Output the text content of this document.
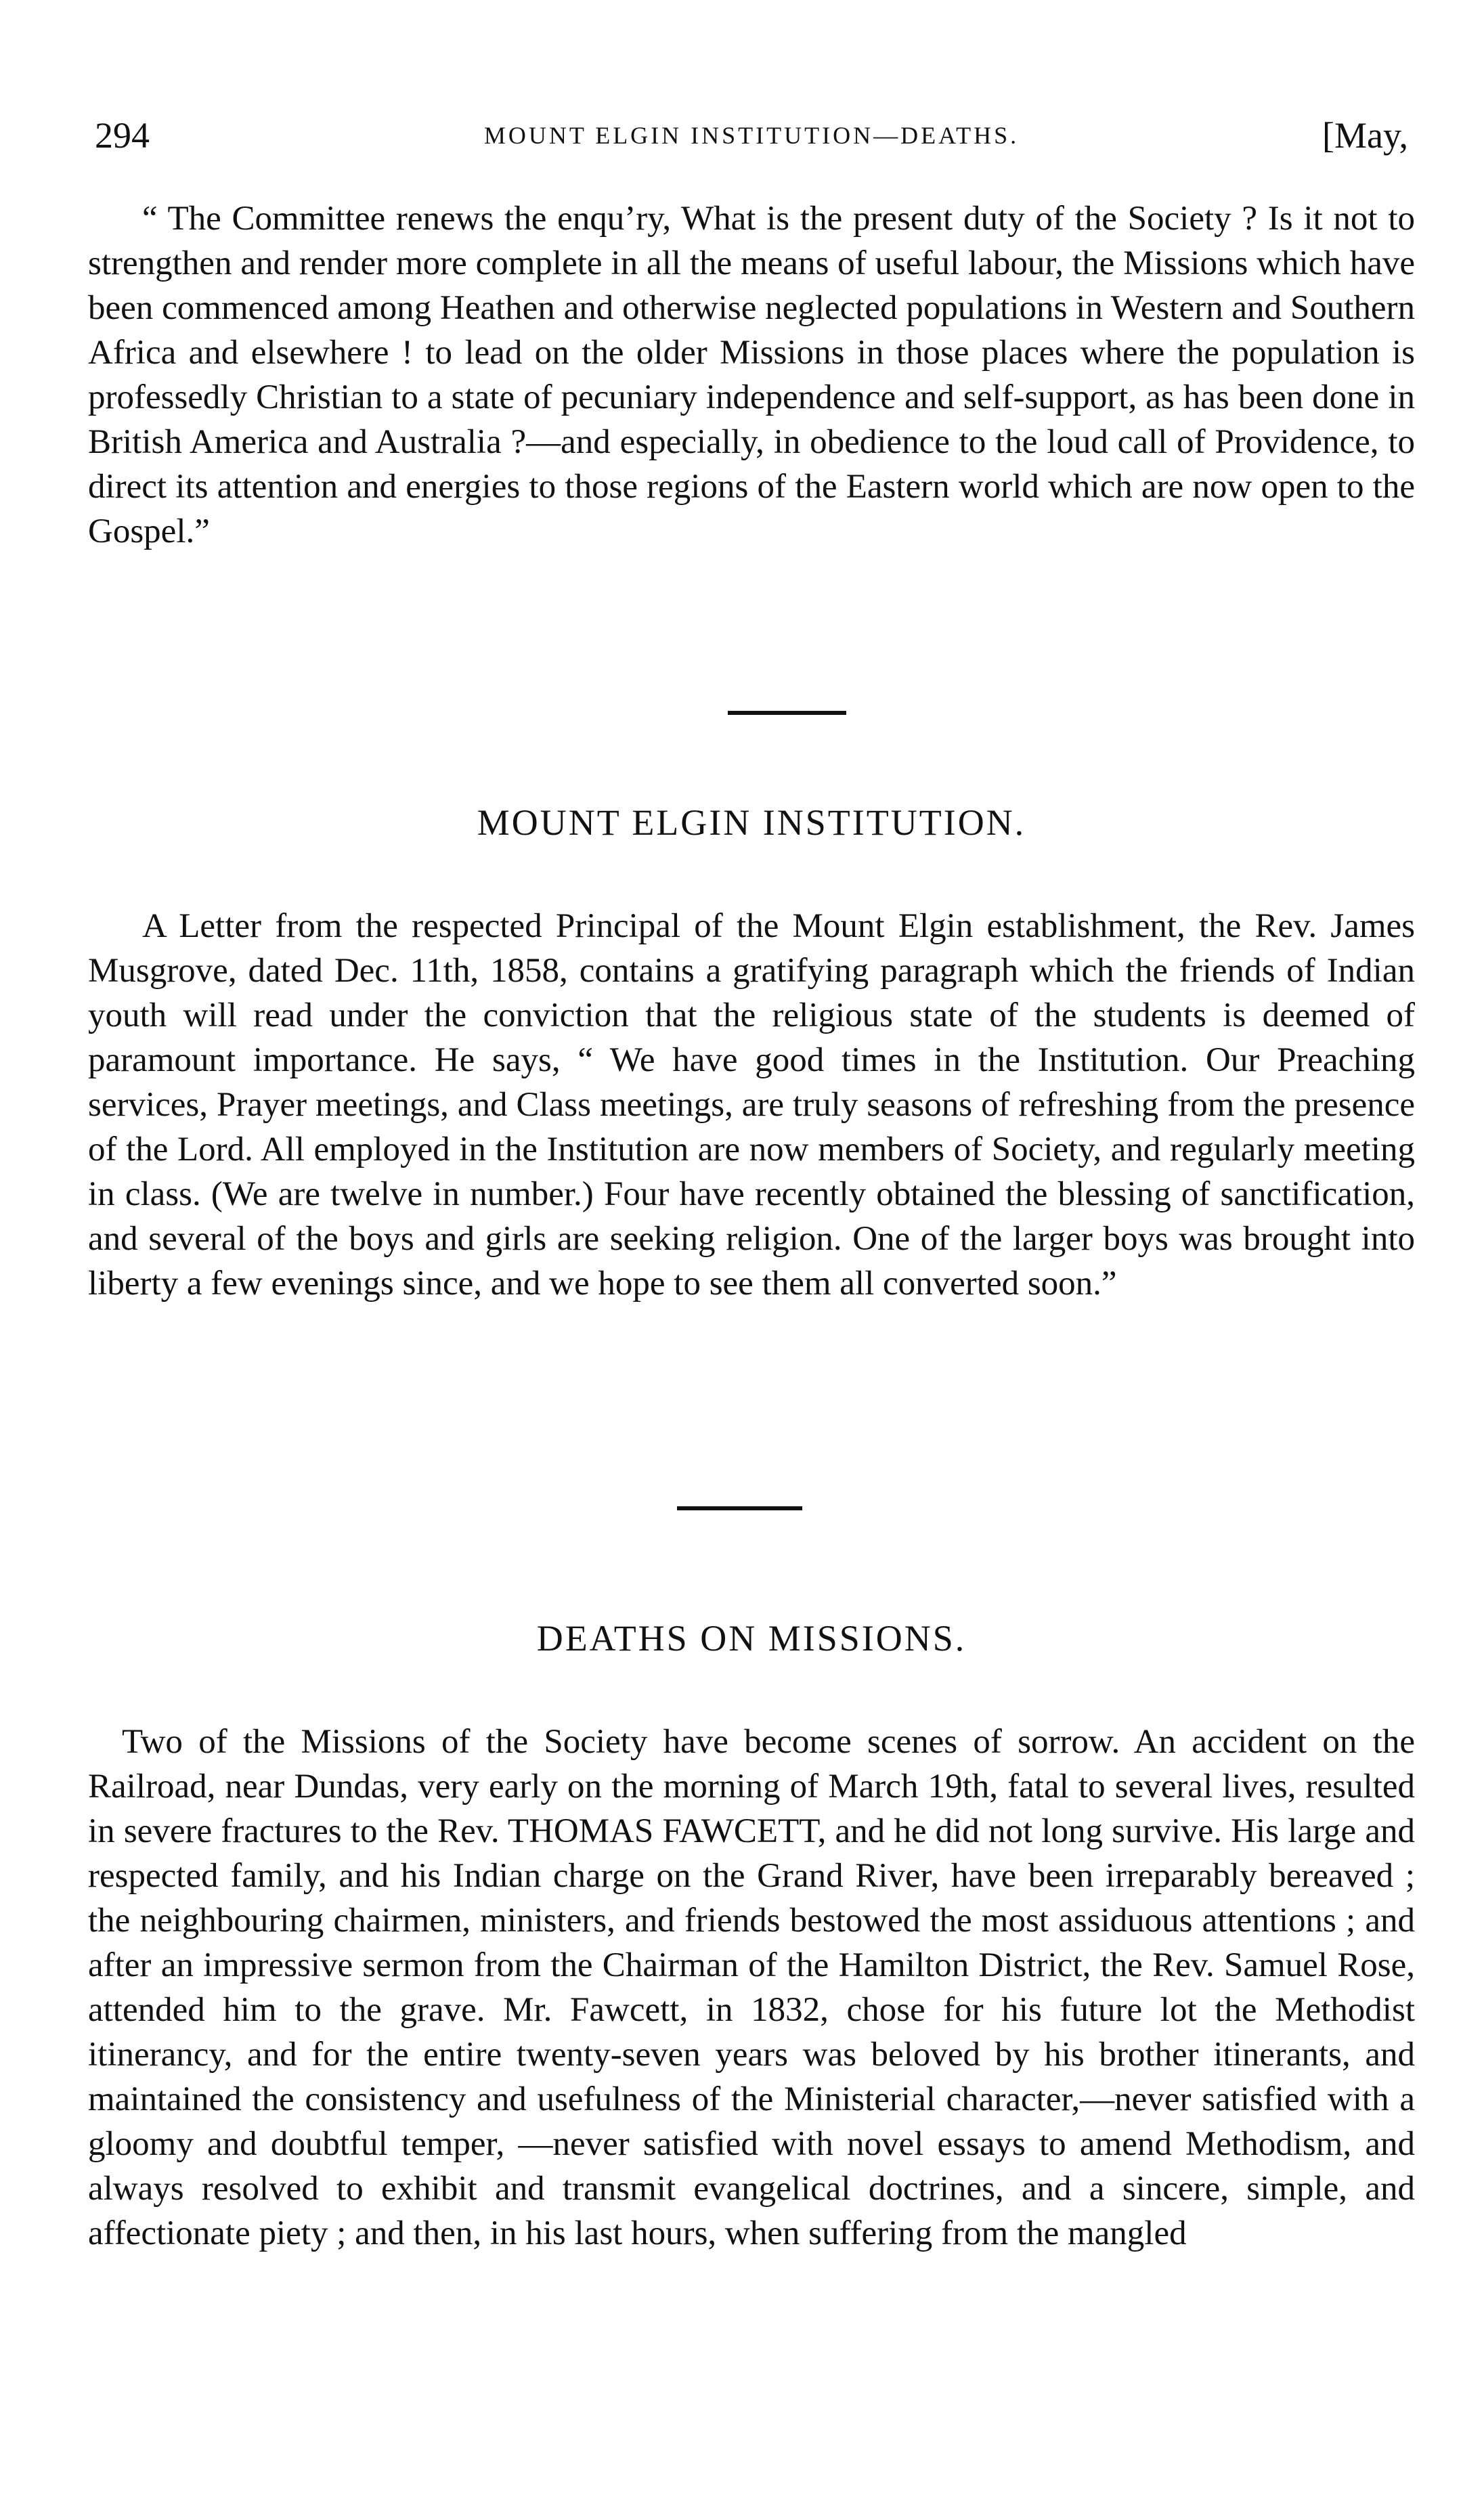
294	MOUNT ELGIN INSTITUTION—DEATHS.	[May,

“ The Committee renews the enqu’ry, What is the present duty of the Society ? Is it not to strengthen and render more complete in all the means of useful labour, the Missions which have been commenced among Heathen and otherwise neglected populations in Western and Southern Africa and elsewhere ! to lead on the older Missions in those places where the population is professedly Christian to a state of pecuniary independence and self-support, as has been done in British America and Australia ?—and especially, in obedience to the loud call of Providence, to direct its attention and energies to those regions of the Eastern world which are now open to the Gospel.”

MOUNT ELGIN INSTITUTION.

A Letter from the respected Principal of the Mount Elgin establishment, the Rev. James Musgrove, dated Dec. 11th, 1858, contains a gratifying paragraph which the friends of Indian youth will read under the conviction that the religious state of the students is deemed of paramount importance. He says, “ We have good times in the Institution. Our Preaching services, Prayer meetings, and Class meetings, are truly seasons of refreshing from the presence of the Lord. All employed in the Institution are now members of Society, and regularly meeting in class. (We are twelve in number.) Four have recently obtained the blessing of sanctification, and several of the boys and girls are seeking religion. One of the larger boys was brought into liberty a few evenings since, and we hope to see them all converted soon.”

DEATHS ON MISSIONS.

Two of the Missions of the Society have become scenes of sorrow. An accident on the Railroad, near Dundas, very early on the morning of March 19th, fatal to several lives, resulted in severe fractures to the Rev. THOMAS FAWCETT, and he did not long survive. His large and respected family, and his Indian charge on the Grand River, have been irreparably bereaved ; the neighbouring chairmen, ministers, and friends bestowed the most assiduous attentions ; and after an impressive sermon from the Chairman of the Hamilton District, the Rev. Samuel Rose, attended him to the grave. Mr. Fawcett, in 1832, chose for his future lot the Methodist itinerancy, and for the entire twenty-seven years was beloved by his brother itinerants, and maintained the consistency and usefulness of the Ministerial character,—never satisfied with a gloomy and doubtful temper, —never satisfied with novel essays to amend Methodism, and always resolved to exhibit and transmit evangelical doctrines, and a sincere, simple, and affectionate piety ; and then, in his last hours, when suffering from the mangled
